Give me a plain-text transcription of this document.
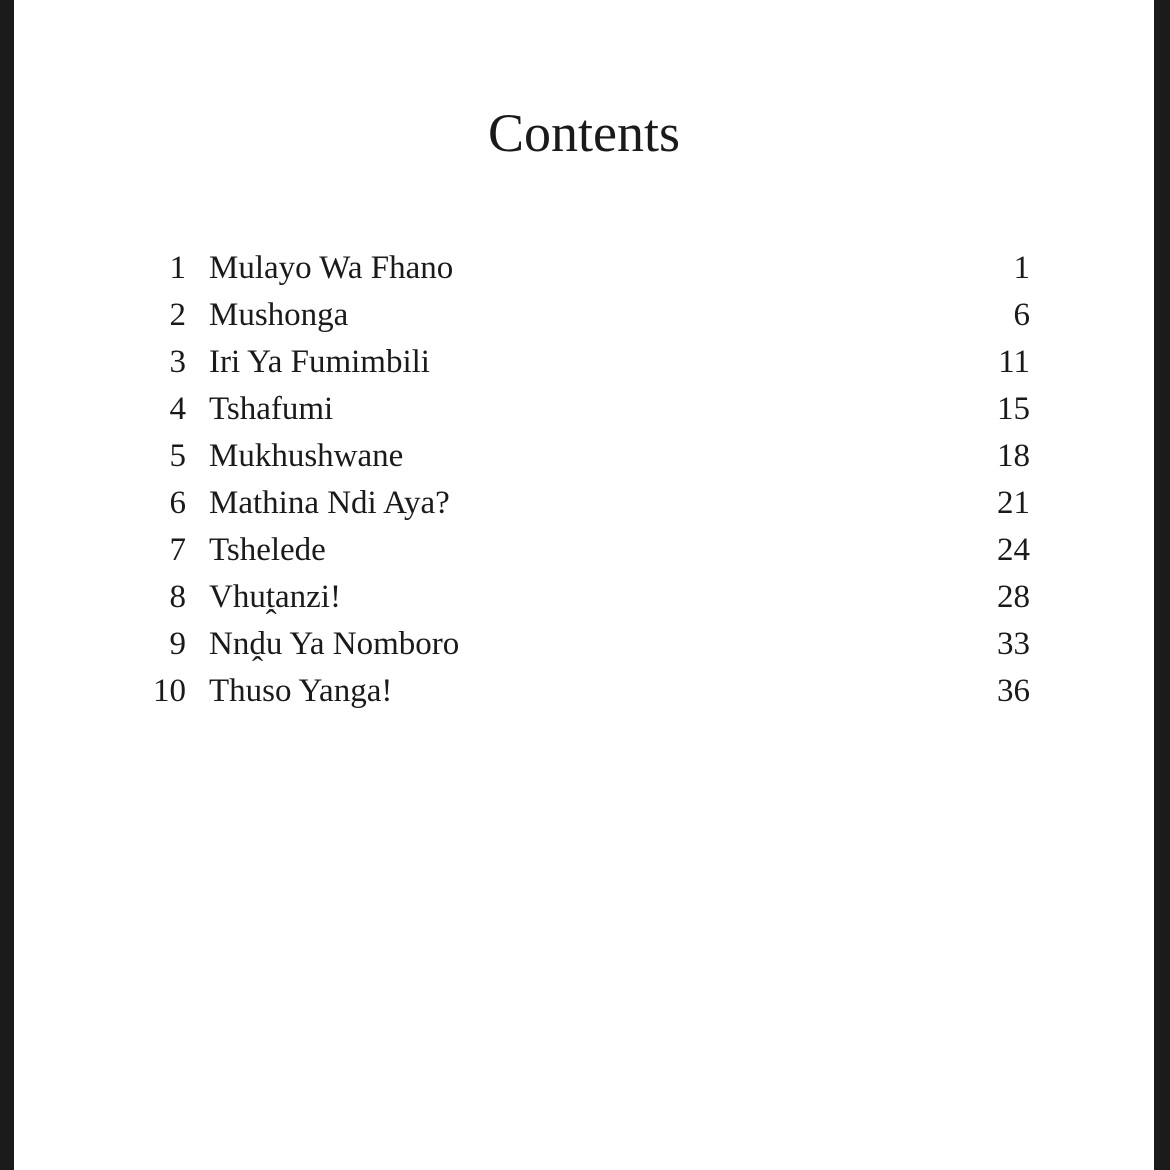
Contents
1 Mulayo Wa Fhano	1
2 Mushonga	6
3 Iri Ya Fumimbili	11
4 Tshafumi	15
5 Mukhushwane	18
6 Mathina Ndi Aya?	21
7 Tshelede	24
8 Vhuṱanzi!	28
9 Nnḓu Ya Nomboro	33
10 Thuso Yanga!	36
